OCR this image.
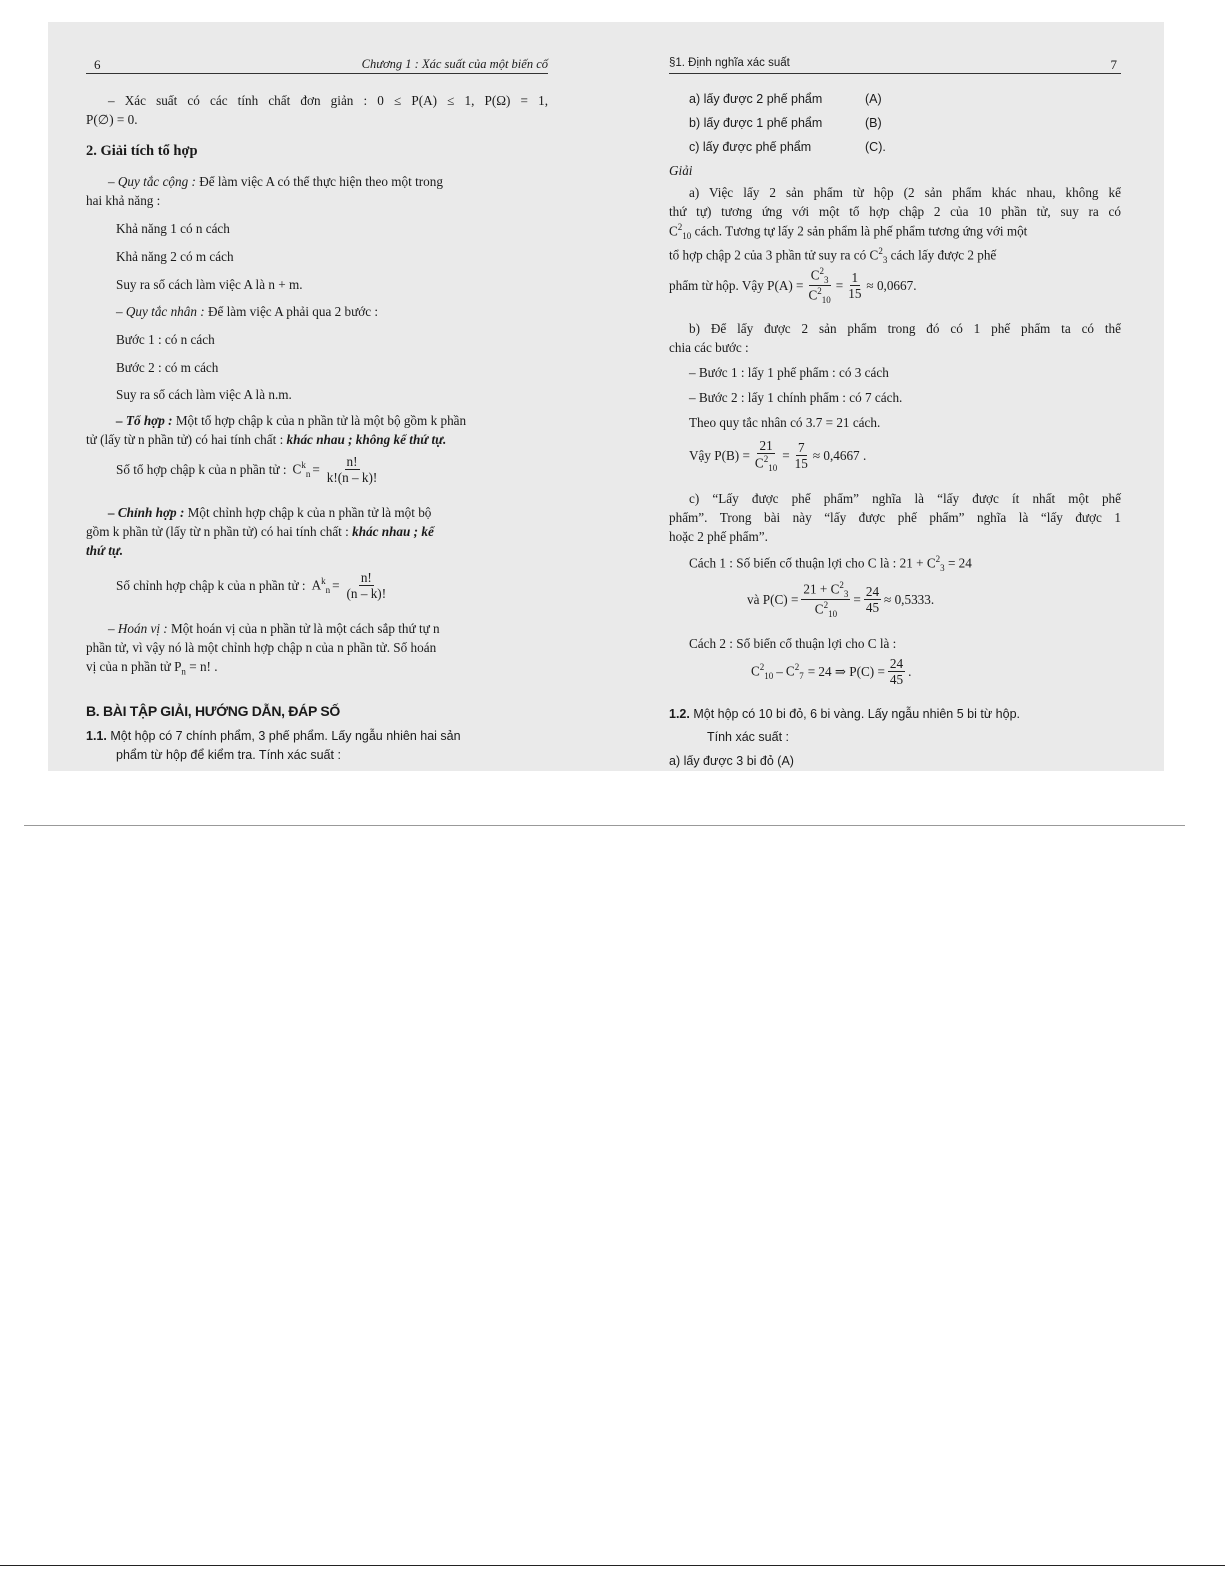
6	Chương 1 : Xác suất của một biến cố
– Xác suất có các tính chất đơn giản : 0 ≤ P(A) ≤ 1, P(Ω) = 1,
P(∅) = 0.
2. Giải tích tổ hợp
– Quy tắc cộng : Để làm việc A có thể thực hiện theo một trong
hai khả năng :
Khả năng 1 có n cách
Khả năng 2 có m cách
Suy ra số cách làm việc A là n + m.
– Quy tắc nhân : Để làm việc A phải qua 2 bước :
Bước 1 : có n cách
Bước 2 : có m cách
Suy ra số cách làm việc A là n.m.
– Tổ hợp : Một tổ hợp chập k của n phần tử là một bộ gồm k phần
tử (lấy từ n phần tử) có hai tính chất : khác nhau ; không kể thứ tự.
Số tổ hợp chập k của n phần tử : $C^k_n = \frac{n!}{k!(n - k)!}$
– Chỉnh hợp : Một chỉnh hợp chập k của n phần tử là một bộ
gồm k phần tử (lấy từ n phần tử) có hai tính chất : khác nhau ; kể
thứ tự.
Số chỉnh hợp chập k của n phần tử : $A^k_n = \frac{n!}{(n - k)!}$
– Hoán vị : Một hoán vị của n phần tử là một cách sắp thứ tự n
phần tử, vì vậy nó là một chỉnh hợp chập n của n phần tử. Số hoán
vị của n phần tử $P_n = n$! .
B. BÀI TẬP GIẢI, HƯỚNG DẪN, ĐÁP SỐ
1.1. Một hộp có 7 chính phẩm, 3 phế phẩm. Lấy ngẫu nhiên hai sản
phẩm từ hộp để kiểm tra. Tính xác suất :
§1. Định nghĩa xác suất	7
a) lấy được 2 phế phẩm	(A)
b) lấy được 1 phế phẩm	(B)
c) lấy được phế phẩm	(C).
Giải
a) Việc lấy 2 sản phẩm từ hộp (2 sản phẩm khác nhau, không kể
thứ tự) tương ứng với một tổ hợp chập 2 của 10 phần tử, suy ra có
$C^2_{10}$ cách. Tương tự lấy 2 sản phẩm là phế phẩm tương ứng với một
tổ hợp chập 2 của 3 phần tử suy ra có $C^2_3$ cách lấy được 2 phế
phẩm từ hộp. Vậy $P(A) = \frac{C^2_3}{C^2_{10}} = \frac{1}{15} \approx 0,0667$.
b) Để lấy được 2 sản phẩm trong đó có 1 phế phẩm ta có thể
chia các bước :
– Bước 1 : lấy 1 phế phẩm : có 3 cách
– Bước 2 : lấy 1 chính phẩm : có 7 cách.
Theo quy tắc nhân có 3.7 = 21 cách.
Vậy $P(B) = \frac{21}{C^2_{10}} = \frac{7}{15} \approx 0,4667$ .
c) “Lấy được phế phẩm” nghĩa là “lấy được ít nhất một phế
phẩm”. Trong bài này “lấy được phế phẩm” nghĩa là “lấy được 1
hoặc 2 phế phẩm”.
Cách 1 : Số biến cố thuận lợi cho C là : $21 + C^2_3 = 24$
và $P(C) = \frac{21 + C^2_3}{C^2_{10}} = \frac{24}{45} \approx 0,5333$.
Cách 2 : Số biến cố thuận lợi cho C là :
$C^2_{10} - C^2_7 = 24$ ⇒ $P(C) = \frac{24}{45}$ .
1.2. Một hộp có 10 bi đỏ, 6 bi vàng. Lấy ngẫu nhiên 5 bi từ hộp.
Tính xác suất :
a) lấy được 3 bi đỏ (A)
